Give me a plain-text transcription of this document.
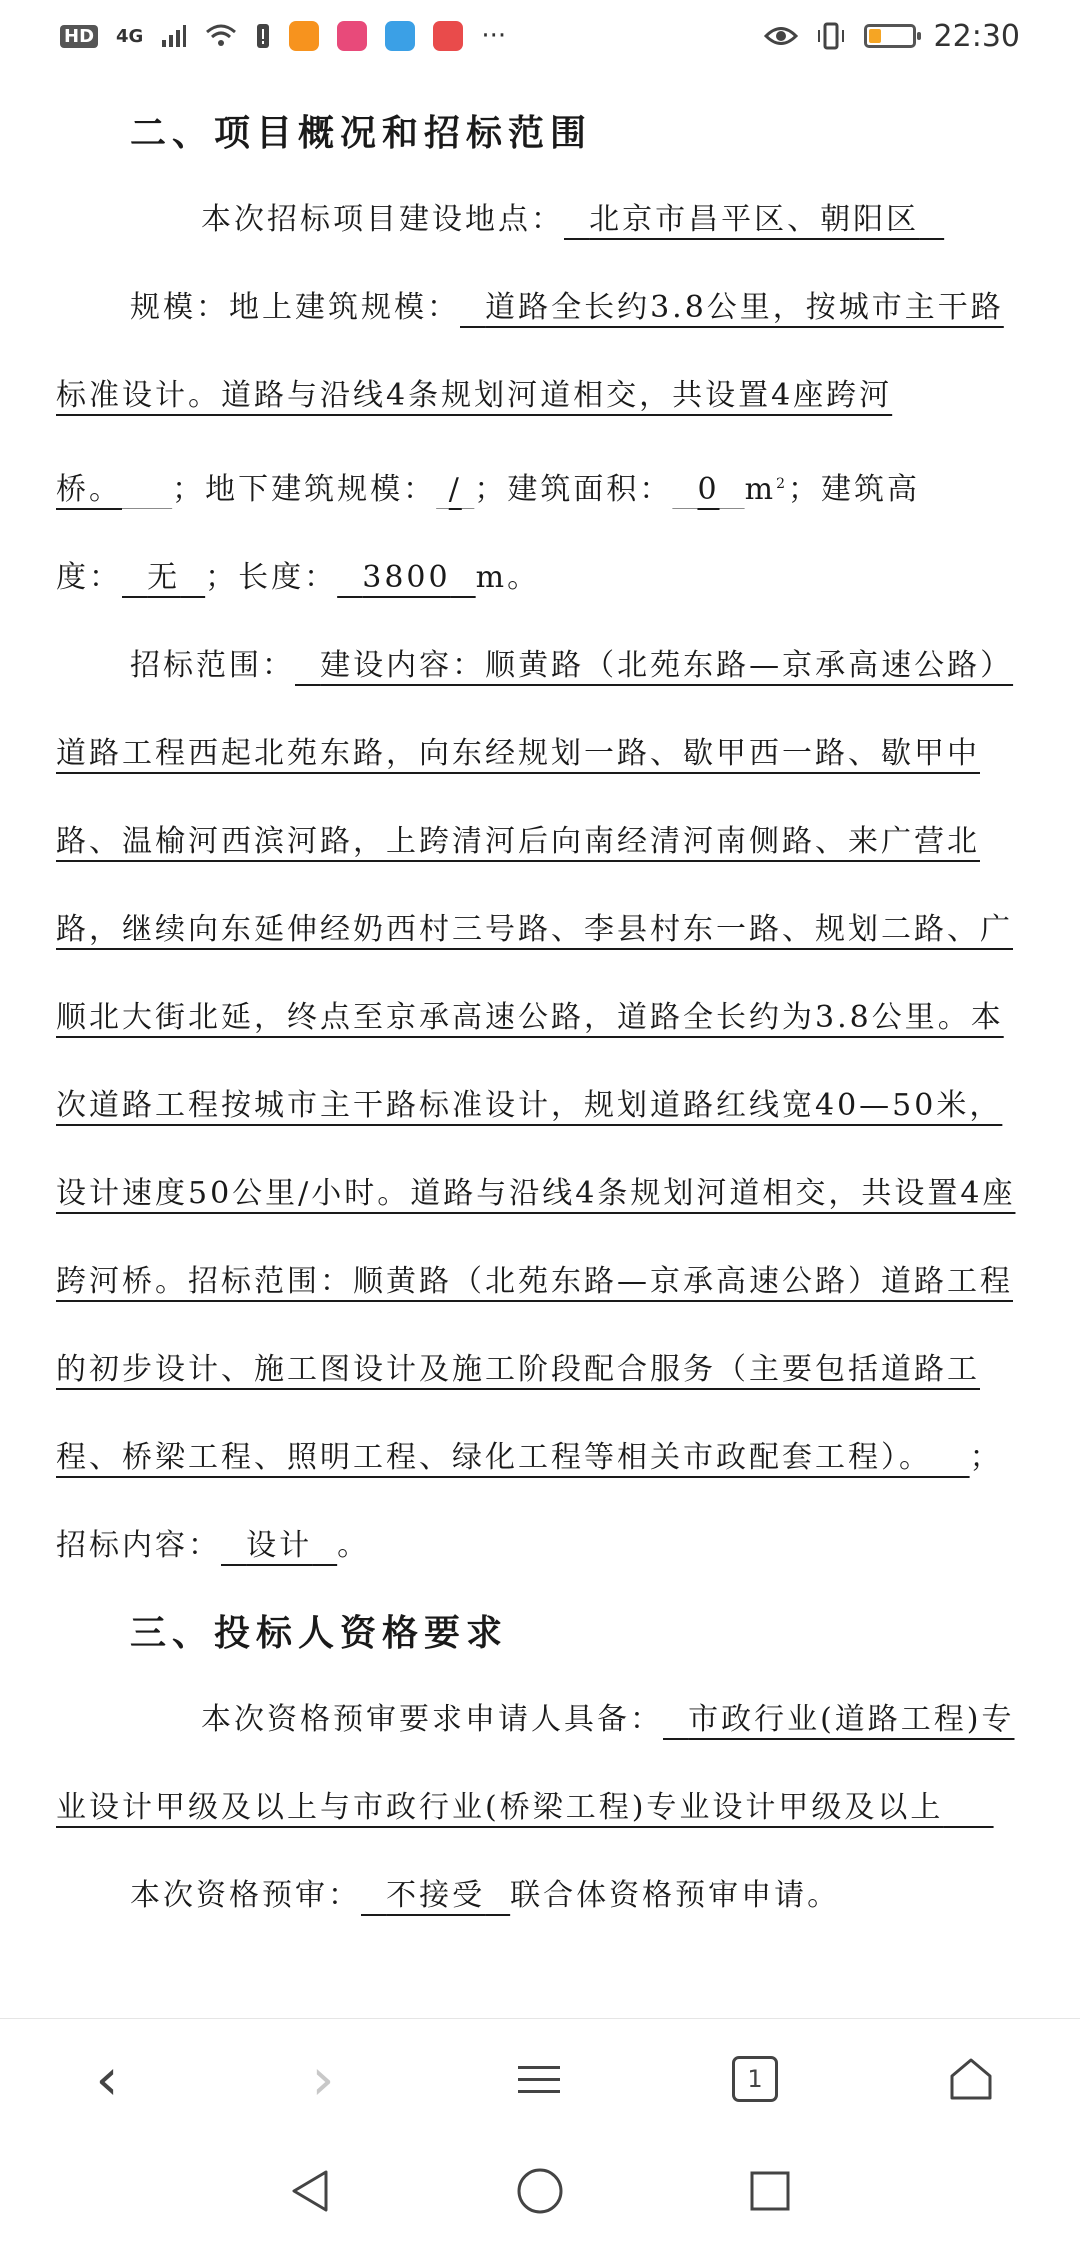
HD 4G	···	22:30
二、项目概况和招标范围

本次招标项目建设地点： 北京市昌平区、朝阳区

规模：地上建筑规模： 道路全长约3.8公里，按城市主干路标准设计。道路与沿线4条规划河道相交，共设置4座跨河桥。 ；地下建筑规模： / ；建筑面积： 0 $m^2$；建筑高度： 无 ；长度： 3800 m。

招标范围： 建设内容：顺黄路（北苑东路—京承高速公路）道路工程西起北苑东路，向东经规划一路、歇甲西一路、歇甲中路、温榆河西滨河路，上跨清河后向南经清河南侧路、来广营北路，继续向东延伸经奶西村三号路、李县村东一路、规划二路、广顺北大街北延，终点至京承高速公路，道路全长约为3.8公里。本次道路工程按城市主干路标准设计，规划道路红线宽40—50米，设计速度50公里/小时。道路与沿线4条规划河道相交，共设置4座跨河桥。招标范围：顺黄路（北苑东路—京承高速公路）道路工程的初步设计、施工图设计及施工阶段配合服务（主要包括道路工程、桥梁工程、照明工程、绿化工程等相关市政配套工程）。 ；招标内容： 设计 。

三、投标人资格要求

本次资格预审要求申请人具备： 市政行业(道路工程)专业设计甲级及以上与市政行业(桥梁工程)专业设计甲级及以上

本次资格预审： 不接受 联合体资格预审申请。

‹	›	1
